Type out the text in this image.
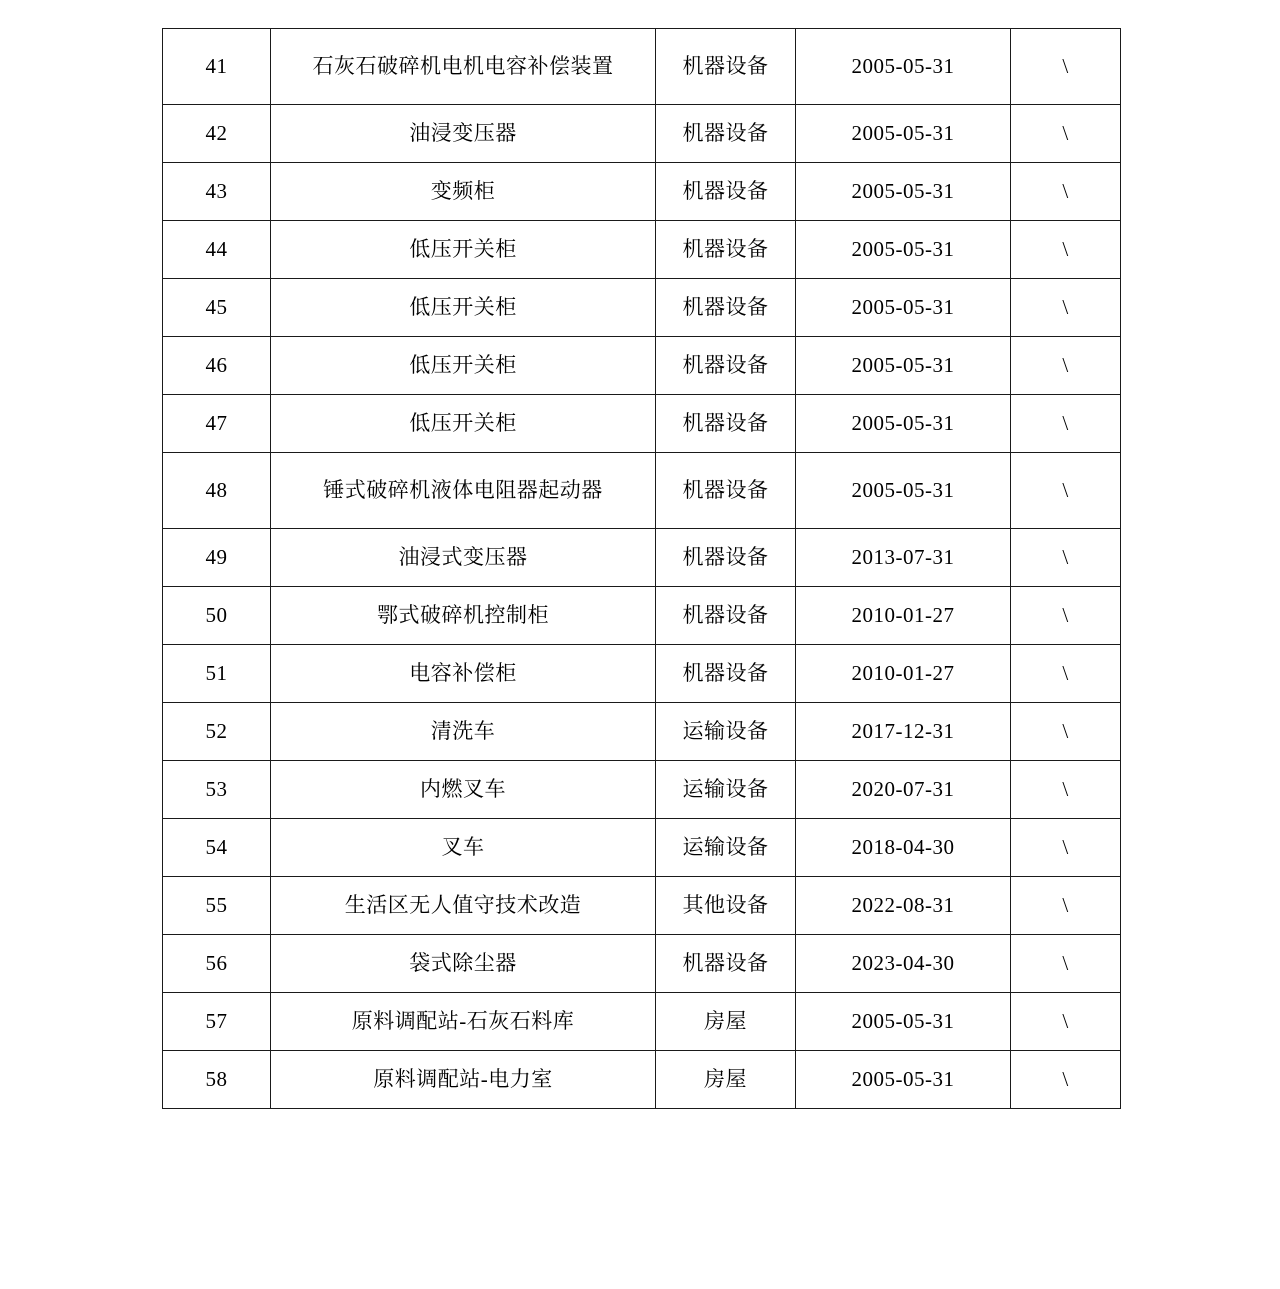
41	石灰石破碎机电机电容补偿装置	机器设备	2005-05-31	\
42	油浸变压器	机器设备	2005-05-31	\
43	变频柜	机器设备	2005-05-31	\
44	低压开关柜	机器设备	2005-05-31	\
45	低压开关柜	机器设备	2005-05-31	\
46	低压开关柜	机器设备	2005-05-31	\
47	低压开关柜	机器设备	2005-05-31	\
48	锤式破碎机液体电阻器起动器	机器设备	2005-05-31	\
49	油浸式变压器	机器设备	2013-07-31	\
50	鄂式破碎机控制柜	机器设备	2010-01-27	\
51	电容补偿柜	机器设备	2010-01-27	\
52	清洗车	运输设备	2017-12-31	\
53	内燃叉车	运输设备	2020-07-31	\
54	叉车	运输设备	2018-04-30	\
55	生活区无人值守技术改造	其他设备	2022-08-31	\
56	袋式除尘器	机器设备	2023-04-30	\
57	原料调配站-石灰石料库	房屋	2005-05-31	\
58	原料调配站-电力室	房屋	2005-05-31	\
